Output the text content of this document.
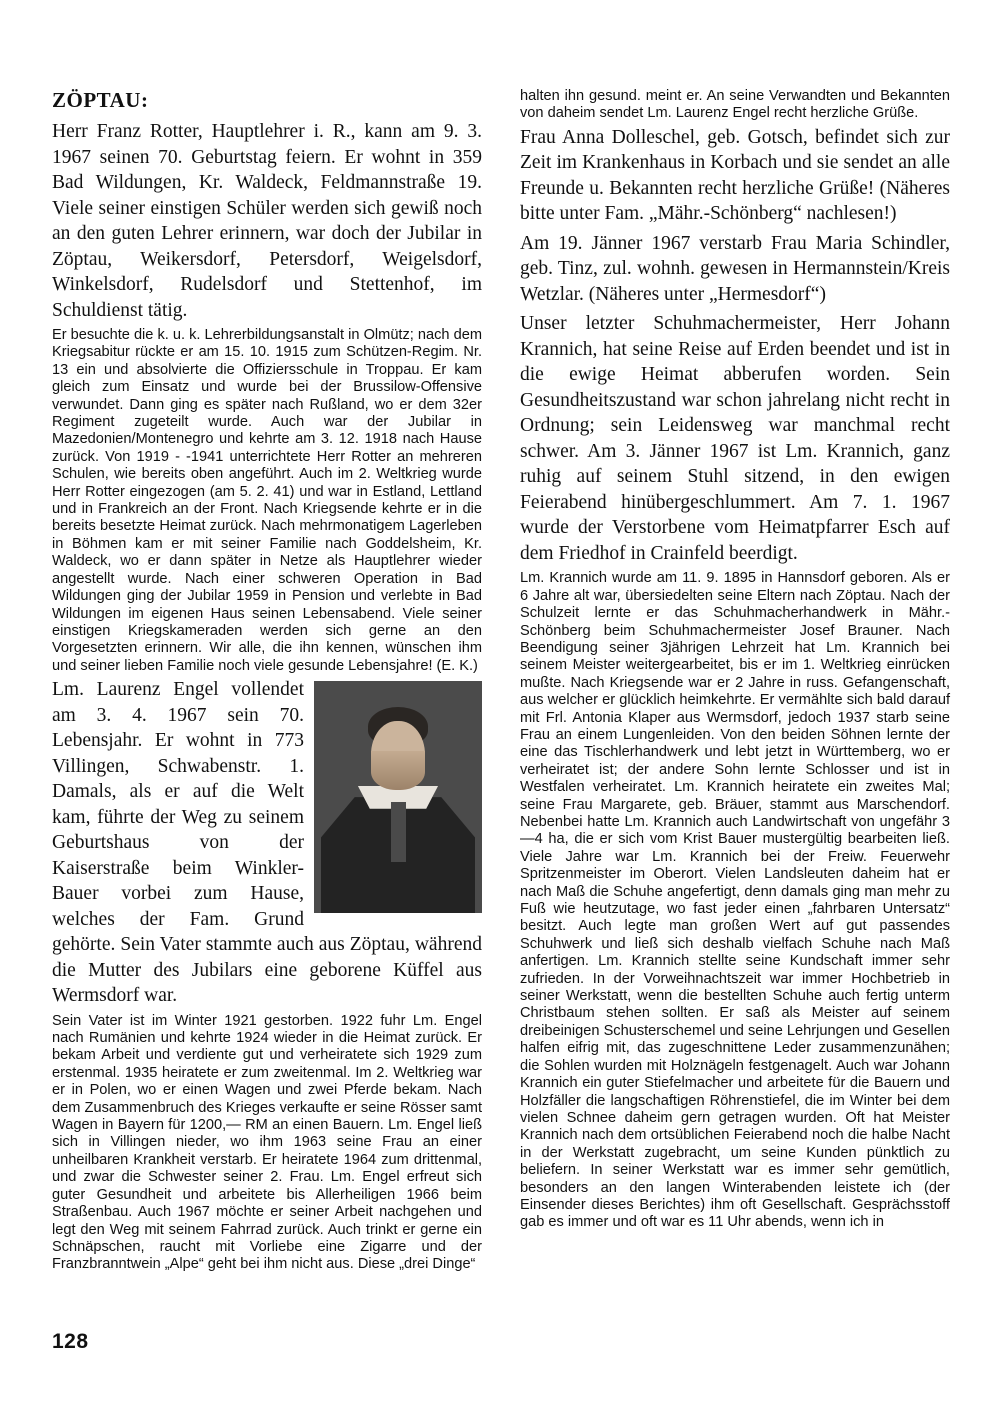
ZÖPTAU:

Herr Franz Rotter, Hauptlehrer i. R., kann am 9. 3. 1967 seinen 70. Geburtstag feiern. Er wohnt in 359 Bad Wildungen, Kr. Waldeck, Feldmannstraße 19. Viele seiner einstigen Schüler werden sich gewiß noch an den guten Lehrer erinnern, war doch der Jubilar in Zöptau, Weikersdorf, Petersdorf, Weigelsdorf, Winkelsdorf, Rudelsdorf und Stettenhof, im Schuldienst tätig.

Er besuchte die k. u. k. Lehrerbildungsanstalt in Olmütz; nach dem Kriegsabitur rückte er am 15. 10. 1915 zum Schützen-Regim. Nr. 13 ein und absolvierte die Offiziersschule in Troppau. Er kam gleich zum Einsatz und wurde bei der Brussilow-Offensive verwundet. Dann ging es später nach Rußland, wo er dem 32er Regiment zugeteilt wurde. Auch war der Jubilar in Mazedonien/Montenegro und kehrte am 3. 12. 1918 nach Hause zurück. Von 1919 - -1941 unterrichtete Herr Rotter an mehreren Schulen, wie bereits oben angeführt. Auch im 2. Weltkrieg wurde Herr Rotter eingezogen (am 5. 2. 41) und war in Estland, Lettland und in Frankreich an der Front. Nach Kriegsende kehrte er in die bereits besetzte Heimat zurück. Nach mehrmonatigem Lagerleben in Böhmen kam er mit seiner Familie nach Goddelsheim, Kr. Waldeck, wo er dann später in Netze als Hauptlehrer wieder angestellt wurde. Nach einer schweren Operation in Bad Wildungen ging der Jubilar 1959 in Pension und verlebte in Bad Wildungen im eigenen Haus seinen Lebensabend. Viele seiner einstigen Kriegskameraden werden sich gerne an den Vorgesetzten erinnern. Wir alle, die ihn kennen, wünschen ihm und seiner lieben Familie noch viele gesunde Lebensjahre! (E. K.)

Lm. Laurenz Engel vollendet am 3. 4. 1967 sein 70. Lebensjahr. Er wohnt in 773 Villingen, Schwabenstr. 1. Damals, als er auf die Welt kam, führte der Weg zu seinem Geburtshaus von der Kaiserstraße beim Winkler-Bauer vorbei zum Hause, welches der Fam. Grund gehörte. Sein Vater stammte auch aus Zöptau, während die Mutter des Jubilars eine geborene Küffel aus Wermsdorf war.

Sein Vater ist im Winter 1921 gestorben. 1922 fuhr Lm. Engel nach Rumänien und kehrte 1924 wieder in die Heimat zurück. Er bekam Arbeit und verdiente gut und verheiratete sich 1929 zum erstenmal. 1935 heiratete er zum zweitenmal. Im 2. Weltkrieg war er in Polen, wo er einen Wagen und zwei Pferde bekam. Nach dem Zusammenbruch des Krieges verkaufte er seine Rösser samt Wagen in Bayern für 1200,— RM an einen Bauern. Lm. Engel ließ sich in Villingen nieder, wo ihm 1963 seine Frau an einer unheilbaren Krankheit verstarb. Er heiratete 1964 zum drittenmal, und zwar die Schwester seiner 2. Frau. Lm. Engel erfreut sich guter Gesundheit und arbeitete bis Allerheiligen 1966 beim Straßenbau. Auch 1967 möchte er seiner Arbeit nachgehen und legt den Weg mit seinem Fahrrad zurück. Auch trinkt er gerne ein Schnäpschen, raucht mit Vorliebe eine Zigarre und der Franzbranntwein „Alpe“ geht bei ihm nicht aus. Diese „drei Dinge“

halten ihn gesund. meint er. An seine Verwandten und Bekannten von daheim sendet Lm. Laurenz Engel recht herzliche Grüße.

Frau Anna Dolleschel, geb. Gotsch, befindet sich zur Zeit im Krankenhaus in Korbach und sie sendet an alle Freunde u. Bekannten recht herzliche Grüße! (Näheres bitte unter Fam. „Mähr.-Schönberg“ nachlesen!)

Am 19. Jänner 1967 verstarb Frau Maria Schindler, geb. Tinz, zul. wohnh. gewesen in Hermannstein/Kreis Wetzlar. (Näheres unter „Hermesdorf“)

Unser letzter Schuhmachermeister, Herr Johann Krannich, hat seine Reise auf Erden beendet und ist in die ewige Heimat abberufen worden. Sein Gesundheitszustand war schon jahrelang nicht recht in Ordnung; sein Leidensweg war manchmal recht schwer. Am 3. Jänner 1967 ist Lm. Krannich, ganz ruhig auf seinem Stuhl sitzend, in den ewigen Feierabend hinübergeschlummert. Am 7. 1. 1967 wurde der Verstorbene vom Heimatpfarrer Esch auf dem Friedhof in Crainfeld beerdigt.

Lm. Krannich wurde am 11. 9. 1895 in Hannsdorf geboren. Als er 6 Jahre alt war, übersiedelten seine Eltern nach Zöptau. Nach der Schulzeit lernte er das Schuhmacherhandwerk in Mähr.-Schönberg beim Schuhmachermeister Josef Brauner. Nach Beendigung seiner 3jährigen Lehrzeit hat Lm. Krannich bei seinem Meister weitergearbeitet, bis er im 1. Weltkrieg einrücken mußte. Nach Kriegsende war er 2 Jahre in russ. Gefangenschaft, aus welcher er glücklich heimkehrte. Er vermählte sich bald darauf mit Frl. Antonia Klaper aus Wermsdorf, jedoch 1937 starb seine Frau an einem Lungenleiden. Von den beiden Söhnen lernte der eine das Tischlerhandwerk und lebt jetzt in Württemberg, wo er verheiratet ist; der andere Sohn lernte Schlosser und ist in Westfalen verheiratet. Lm. Krannich heiratete ein zweites Mal; seine Frau Margarete, geb. Bräuer, stammt aus Marschendorf. Nebenbei hatte Lm. Krannich auch Landwirtschaft von ungefähr 3—4 ha, die er sich vom Krist Bauer mustergültig bearbeiten ließ. Viele Jahre war Lm. Krannich bei der Freiw. Feuerwehr Spritzenmeister im Oberort. Vielen Landsleuten daheim hat er nach Maß die Schuhe angefertigt, denn damals ging man mehr zu Fuß wie heutzutage, wo fast jeder einen „fahrbaren Untersatz“ besitzt. Auch legte man großen Wert auf gut passendes Schuhwerk und ließ sich deshalb vielfach Schuhe nach Maß anfertigen. Lm. Krannich stellte seine Kundschaft immer sehr zufrieden. In der Vorweihnachtszeit war immer Hochbetrieb in seiner Werkstatt, wenn die bestellten Schuhe auch fertig unterm Christbaum stehen sollten. Er saß als Meister auf seinem dreibeinigen Schusterschemel und seine Lehrjungen und Gesellen halfen eifrig mit, das zugeschnittene Leder zusammenzunähen; die Sohlen wurden mit Holznägeln festgenagelt. Auch war Johann Krannich ein guter Stiefelmacher und arbeitete für die Bauern und Holzfäller die langschaftigen Röhrenstiefel, die im Winter bei dem vielen Schnee daheim gern getragen wurden. Oft hat Meister Krannich nach dem ortsüblichen Feierabend noch die halbe Nacht in der Werkstatt zugebracht, um seine Kunden pünktlich zu beliefern. In seiner Werkstatt war es immer sehr gemütlich, besonders an den langen Winterabenden leistete ich (der Einsender dieses Berichtes) ihm oft Gesellschaft. Gesprächsstoff gab es immer und oft war es 11 Uhr abends, wenn ich in

128
